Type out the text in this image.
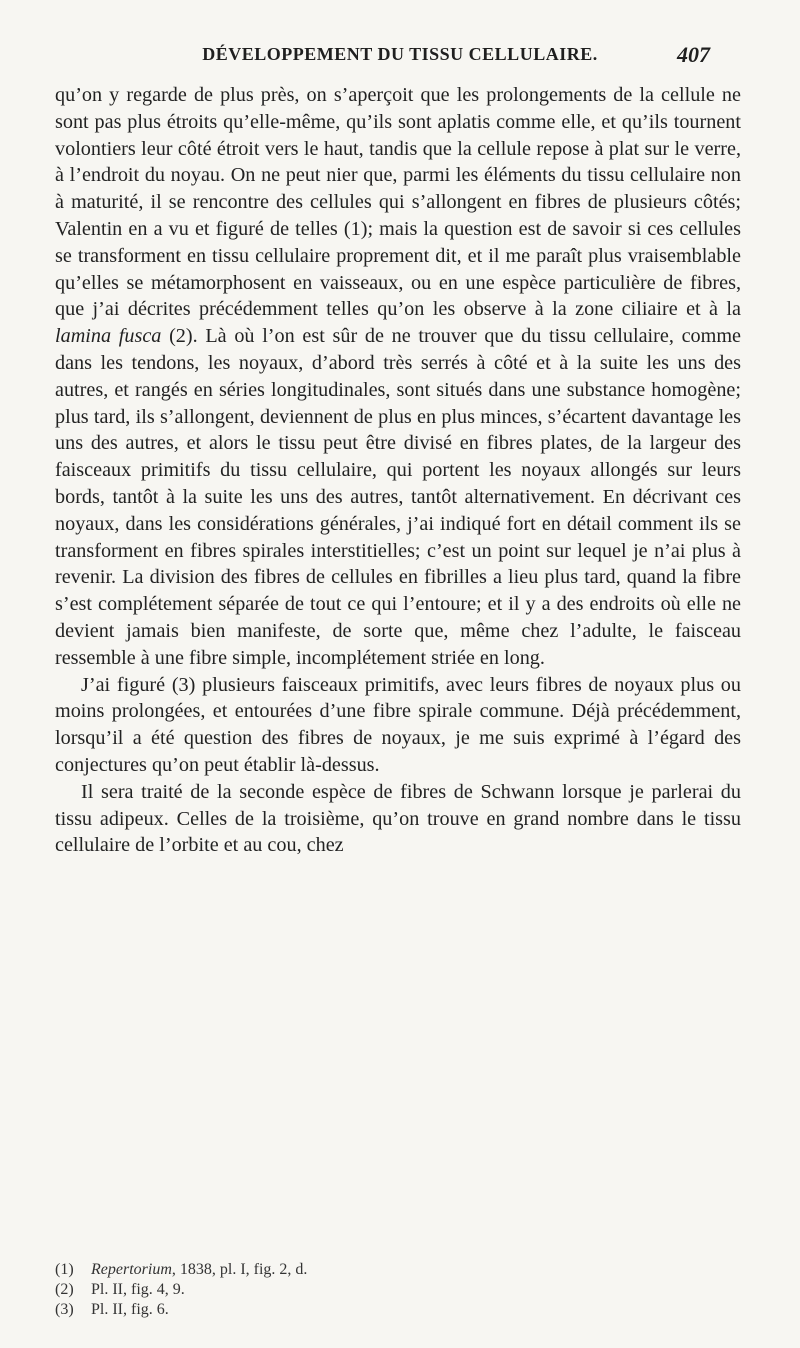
DÉVELOPPEMENT DU TISSU CELLULAIRE.	407

qu’on y regarde de plus près, on s’aperçoit que les prolongements de la cellule ne sont pas plus étroits qu’elle-même, qu’ils sont aplatis comme elle, et qu’ils tournent volontiers leur côté étroit vers le haut, tandis que la cellule repose à plat sur le verre, à l’endroit du noyau. On ne peut nier que, parmi les éléments du tissu cellulaire non à maturité, il se rencontre des cellules qui s’allongent en fibres de plusieurs côtés; Valentin en a vu et figuré de telles (1); mais la question est de savoir si ces cellules se transforment en tissu cellulaire proprement dit, et il me paraît plus vraisemblable qu’elles se métamorphosent en vaisseaux, ou en une espèce particulière de fibres, que j’ai décrites précédemment telles qu’on les observe à la zone ciliaire et à la lamina fusca (2). Là où l’on est sûr de ne trouver que du tissu cellulaire, comme dans les tendons, les noyaux, d’abord très serrés à côté et à la suite les uns des autres, et rangés en séries longitudinales, sont situés dans une substance homogène; plus tard, ils s’allongent, deviennent de plus en plus minces, s’écartent davantage les uns des autres, et alors le tissu peut être divisé en fibres plates, de la largeur des faisceaux primitifs du tissu cellulaire, qui portent les noyaux allongés sur leurs bords, tantôt à la suite les uns des autres, tantôt alternativement. En décrivant ces noyaux, dans les considérations générales, j’ai indiqué fort en détail comment ils se transforment en fibres spirales interstitielles; c’est un point sur lequel je n’ai plus à revenir. La division des fibres de cellules en fibrilles a lieu plus tard, quand la fibre s’est complétement séparée de tout ce qui l’entoure; et il y a des endroits où elle ne devient jamais bien manifeste, de sorte que, même chez l’adulte, le faisceau ressemble à une fibre simple, incomplétement striée en long.

J’ai figuré (3) plusieurs faisceaux primitifs, avec leurs fibres de noyaux plus ou moins prolongées, et entourées d’une fibre spirale commune. Déjà précédemment, lorsqu’il a été question des fibres de noyaux, je me suis exprimé à l’égard des conjectures qu’on peut établir là-dessus.

Il sera traité de la seconde espèce de fibres de Schwann lorsque je parlerai du tissu adipeux. Celles de la troisième, qu’on trouve en grand nombre dans le tissu cellulaire de l’orbite et au cou, chez

(1) Repertorium, 1838, pl. I, fig. 2, d.
(2) Pl. II, fig. 4, 9.
(3) Pl. II, fig. 6.
